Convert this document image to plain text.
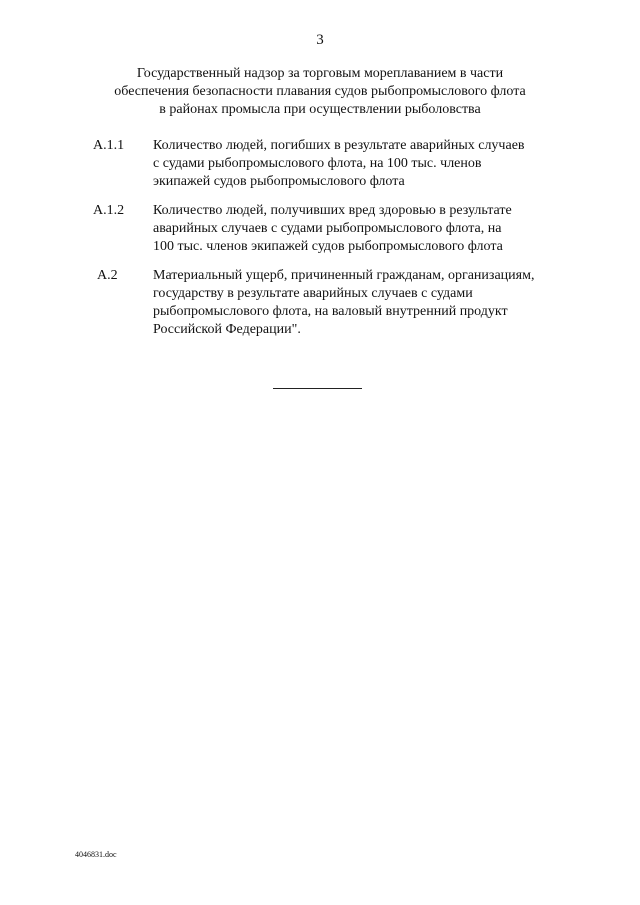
3
Государственный надзор за торговым мореплаванием в части
обеспечения безопасности плавания судов рыбопромыслового флота
в районах промысла при осуществлении рыболовства
А.1.1 Количество людей, погибших в результате аварийных случаев
с судами рыбопромыслового флота, на 100 тыс. членов
экипажей судов рыбопромыслового флота
А.1.2 Количество людей, получивших вред здоровью в результате
аварийных случаев с судами рыбопромыслового флота, на
100 тыс. членов экипажей судов рыбопромыслового флота
А.2	Материальный ущерб, причиненный гражданам, организациям,
государству в результате аварийных случаев с судами
рыбопромыслового флота, на валовый внутренний продукт
Российской Федерации".
4046831.doc
